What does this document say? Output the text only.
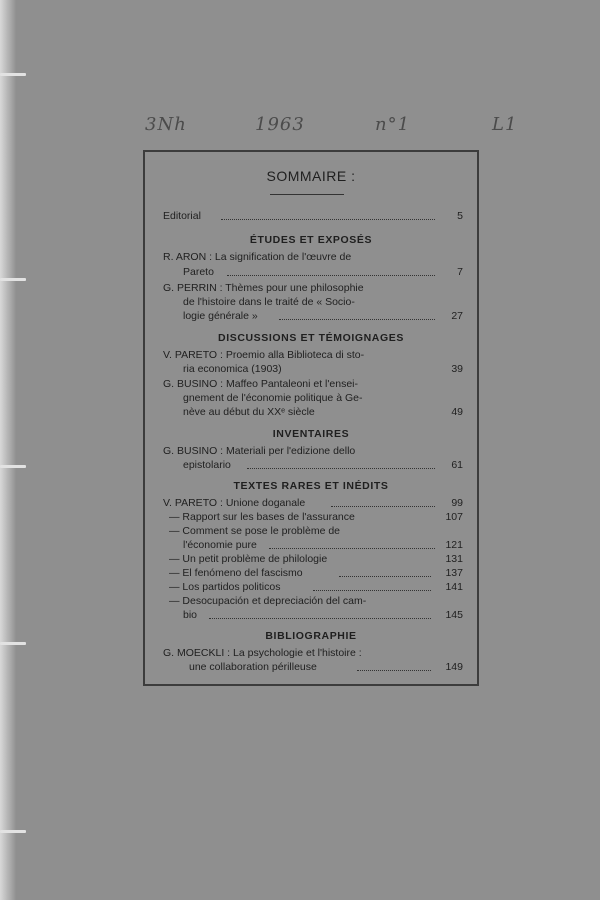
3Nh	1963	n°1	L1
SOMMAIRE :
Editorial	5
ÉTUDES ET EXPOSÉS
R. ARON : La signification de l'œuvre de
Pareto	7
G. PERRIN : Thèmes pour une philosophie
de l'histoire dans le traité de « Socio-
logie générale »	27
DISCUSSIONS ET TÉMOIGNAGES
V. PARETO : Proemio alla Biblioteca di sto-
ria economica (1903)	39
G. BUSINO : Maffeo Pantaleoni et l'ensei-
gnement de l'économie politique à Ge-
nève au début du XXᵉ siècle	49
INVENTAIRES
G. BUSINO : Materiali per l'edizione dello
epistolario	61
TEXTES RARES ET INÉDITS
V. PARETO : Unione doganale	99
— Rapport sur les bases de l'assurance	107
— Comment se pose le problème de
l'économie pure	121
— Un petit problème de philologie	131
— El fenómeno del fascismo	137
— Los partidos politicos	141
— Desocupación et depreciación del cam-
bio	145
BIBLIOGRAPHIE
G. MOECKLI : La psychologie et l'histoire :
une collaboration périlleuse	149
